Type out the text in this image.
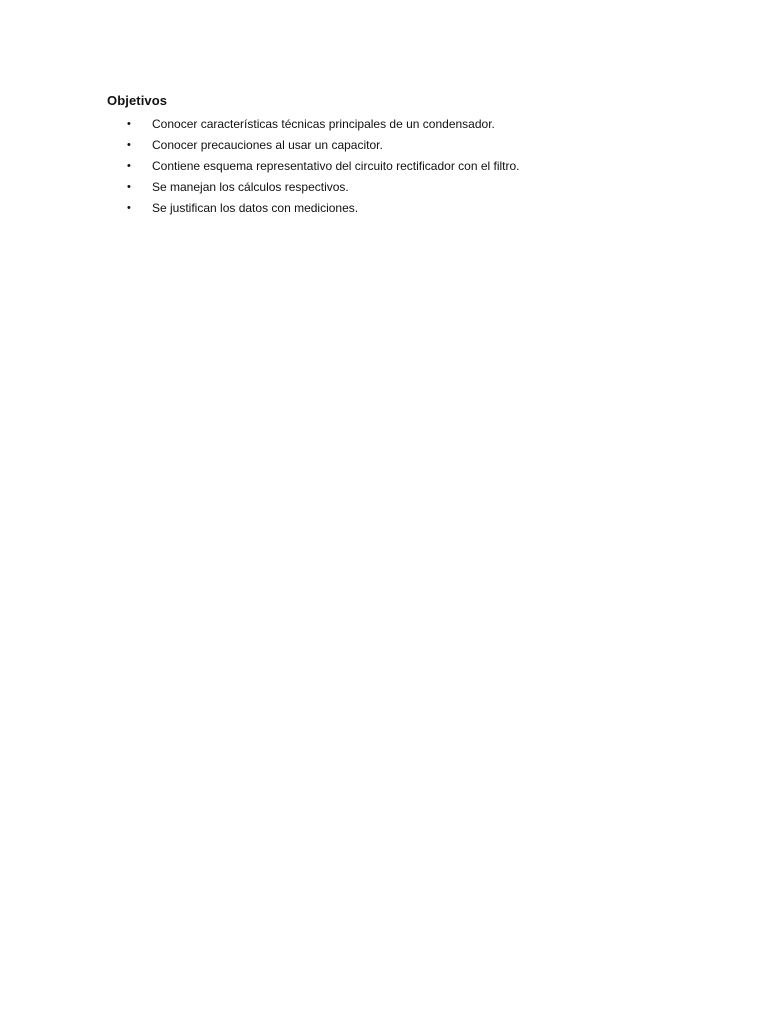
Objetivos
• Conocer características técnicas principales de un condensador.
• Conocer precauciones al usar un capacitor.
• Contiene esquema representativo del circuito rectificador con el filtro.
• Se manejan los cálculos respectivos.
• Se justifican los datos con mediciones.
